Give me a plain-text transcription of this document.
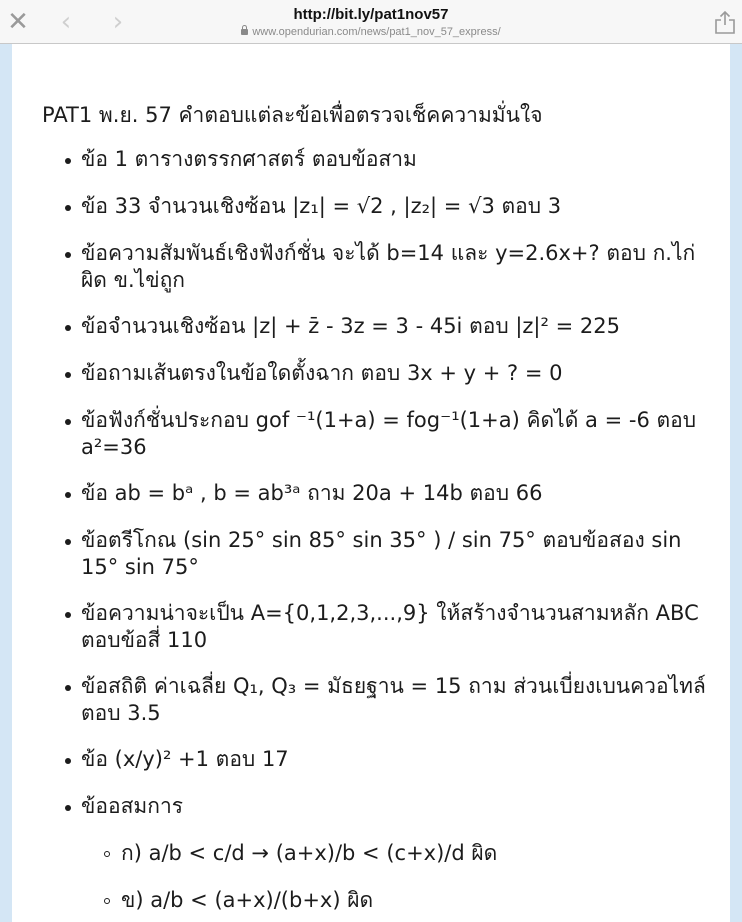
✕ ‹ ›	http://bit.ly/pat1nov57
www.opendurian.com/news/pat1_nov_57_express/
PAT1 พ.ย. 57 คำตอบแต่ละข้อเพื่อตรวจเช็คความมั่นใจ
ข้อ 1 ตารางตรรกศาสตร์ ตอบข้อสาม
ข้อ 33 จำนวนเชิงซ้อน |z₁| = √2 , |z₂| = √3 ตอบ 3
ข้อความสัมพันธ์เชิงฟังก์ชั่น จะได้ b=14 และ y=2.6x+? ตอบ ก.ไก่ผิด ข.ไข่ถูก
ข้อจำนวนเชิงซ้อน |z| + z̄ - 3z = 3 - 45i ตอบ |z|² = 225
ข้อถามเส้นตรงในข้อใดตั้งฉาก ตอบ 3x + y + ? = 0
ข้อฟังก์ชั่นประกอบ gof ⁻¹(1+a) = fog⁻¹(1+a) คิดได้ a = -6 ตอบ a²=36
ข้อ ab = bᵃ , b = ab³ᵃ ถาม 20a + 14b ตอบ 66
ข้อตรีโกณ (sin 25° sin 85° sin 35° ) / sin 75° ตอบข้อสอง sin 15° sin 75°
ข้อความน่าจะเป็น A={0,1,2,3,...,9} ให้สร้างจำนวนสามหลัก ABC ตอบข้อสี่ 110
ข้อสถิติ ค่าเฉลี่ย Q₁, Q₃ = มัธยฐาน = 15 ถาม ส่วนเบี่ยงเบนควอไทล์ ตอบ 3.5
ข้อ (x/y)² +1 ตอบ 17
ข้ออสมการ
ก) a/b < c/d → (a+x)/b < (c+x)/d ผิด
ข) a/b < (a+x)/(b+x) ผิด
